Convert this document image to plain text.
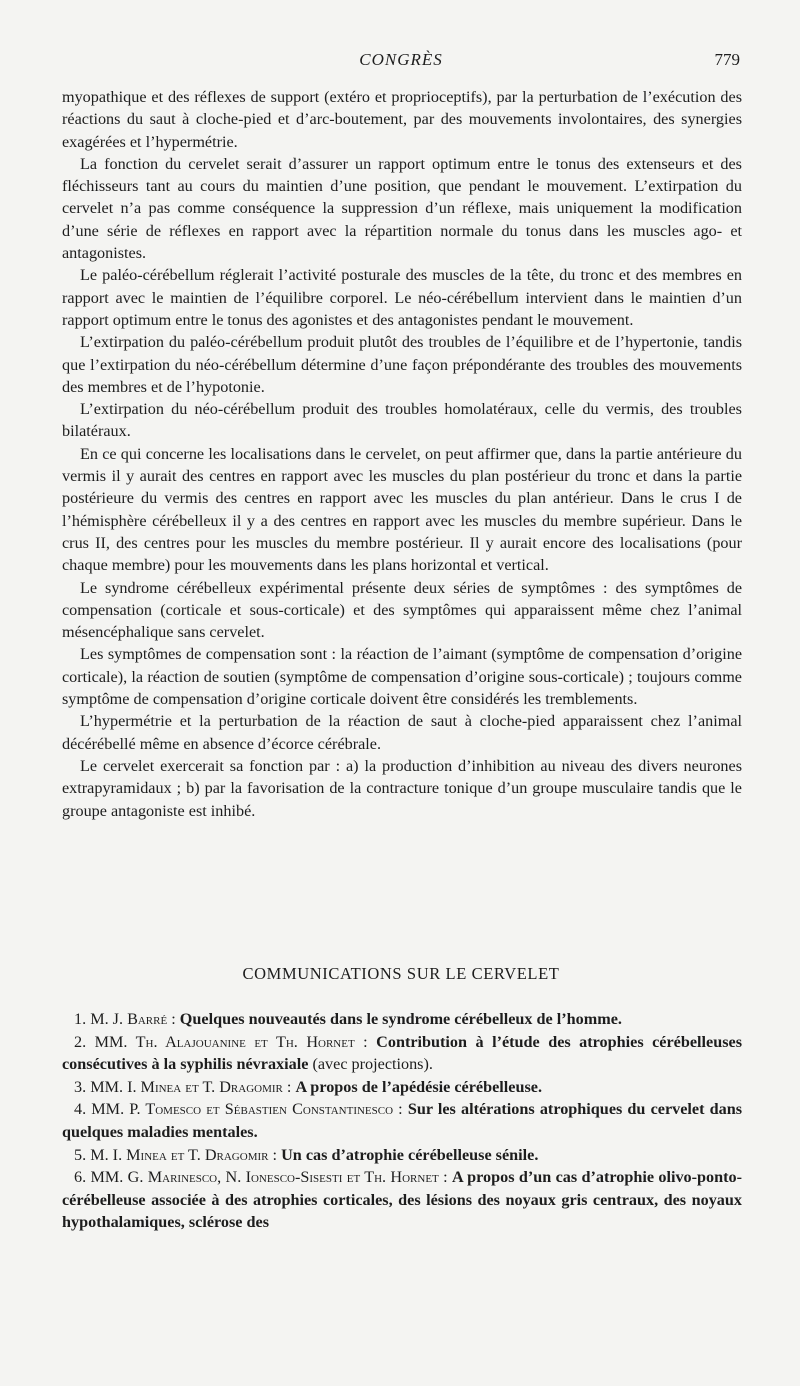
CONGRÈS	779

myopathique et des réflexes de support (extéro et proprioceptifs), par la perturbation de l’exécution des réactions du saut à cloche-pied et d’arc-boutement, par des mouvements involontaires, des synergies exagérées et l’hypermétrie.

La fonction du cervelet serait d’assurer un rapport optimum entre le tonus des extenseurs et des fléchisseurs tant au cours du maintien d’une position, que pendant le mouvement. L’extirpation du cervelet n’a pas comme conséquence la suppression d’un réflexe, mais uniquement la modification d’une série de réflexes en rapport avec la répartition normale du tonus dans les muscles ago- et antagonistes.

Le paléo-cérébellum réglerait l’activité posturale des muscles de la tête, du tronc et des membres en rapport avec le maintien de l’équilibre corporel. Le néo-cérébellum intervient dans le maintien d’un rapport optimum entre le tonus des agonistes et des antagonistes pendant le mouvement.

L’extirpation du paléo-cérébellum produit plutôt des troubles de l’équilibre et de l’hypertonie, tandis que l’extirpation du néo-cérébellum détermine d’une façon prépondérante des troubles des mouvements des membres et de l’hypotonie.

L’extirpation du néo-cérébellum produit des troubles homolatéraux, celle du vermis, des troubles bilatéraux.

En ce qui concerne les localisations dans le cervelet, on peut affirmer que, dans la partie antérieure du vermis il y aurait des centres en rapport avec les muscles du plan postérieur du tronc et dans la partie postérieure du vermis des centres en rapport avec les muscles du plan antérieur. Dans le crus I de l’hémisphère cérébelleux il y a des centres en rapport avec les muscles du membre supérieur. Dans le crus II, des centres pour les muscles du membre postérieur. Il y aurait encore des localisations (pour chaque membre) pour les mouvements dans les plans horizontal et vertical.

Le syndrome cérébelleux expérimental présente deux séries de symptômes : des symptômes de compensation (corticale et sous-corticale) et des symptômes qui apparaissent même chez l’animal mésencéphalique sans cervelet.

Les symptômes de compensation sont : la réaction de l’aimant (symptôme de compensation d’origine corticale), la réaction de soutien (symptôme de compensation d’origine sous-corticale) ; toujours comme symptôme de compensation d’origine corticale doivent être considérés les tremblements.

L’hypermétrie et la perturbation de la réaction de saut à cloche-pied apparaissent chez l’animal décérébellé même en absence d’écorce cérébrale.

Le cervelet exercerait sa fonction par : a) la production d’inhibition au niveau des divers neurones extrapyramidaux ; b) par la favorisation de la contracture tonique d’un groupe musculaire tandis que le groupe antagoniste est inhibé.

COMMUNICATIONS SUR LE CERVELET

1. M. J. Barré : Quelques nouveautés dans le syndrome cérébelleux de l’homme.

2. MM. Th. Alajouanine et Th. Hornet : Contribution à l’étude des atrophies cérébelleuses consécutives à la syphilis névraxiale (avec projections).

3. MM. I. Minea et T. Dragomir : A propos de l’apédésie cérébelleuse.

4. MM. P. Tomesco et Sébastien Constantinesco : Sur les altérations atrophiques du cervelet dans quelques maladies mentales.

5. M. I. Minea et T. Dragomir : Un cas d’atrophie cérébelleuse sénile.

6. MM. G. Marinesco, N. Ionesco-Sisesti et Th. Hornet : A propos d’un cas d’atrophie olivo-ponto-cérébelleuse associée à des atrophies corticales, des lésions des noyaux gris centraux, des noyaux hypothalamiques, sclérose des
